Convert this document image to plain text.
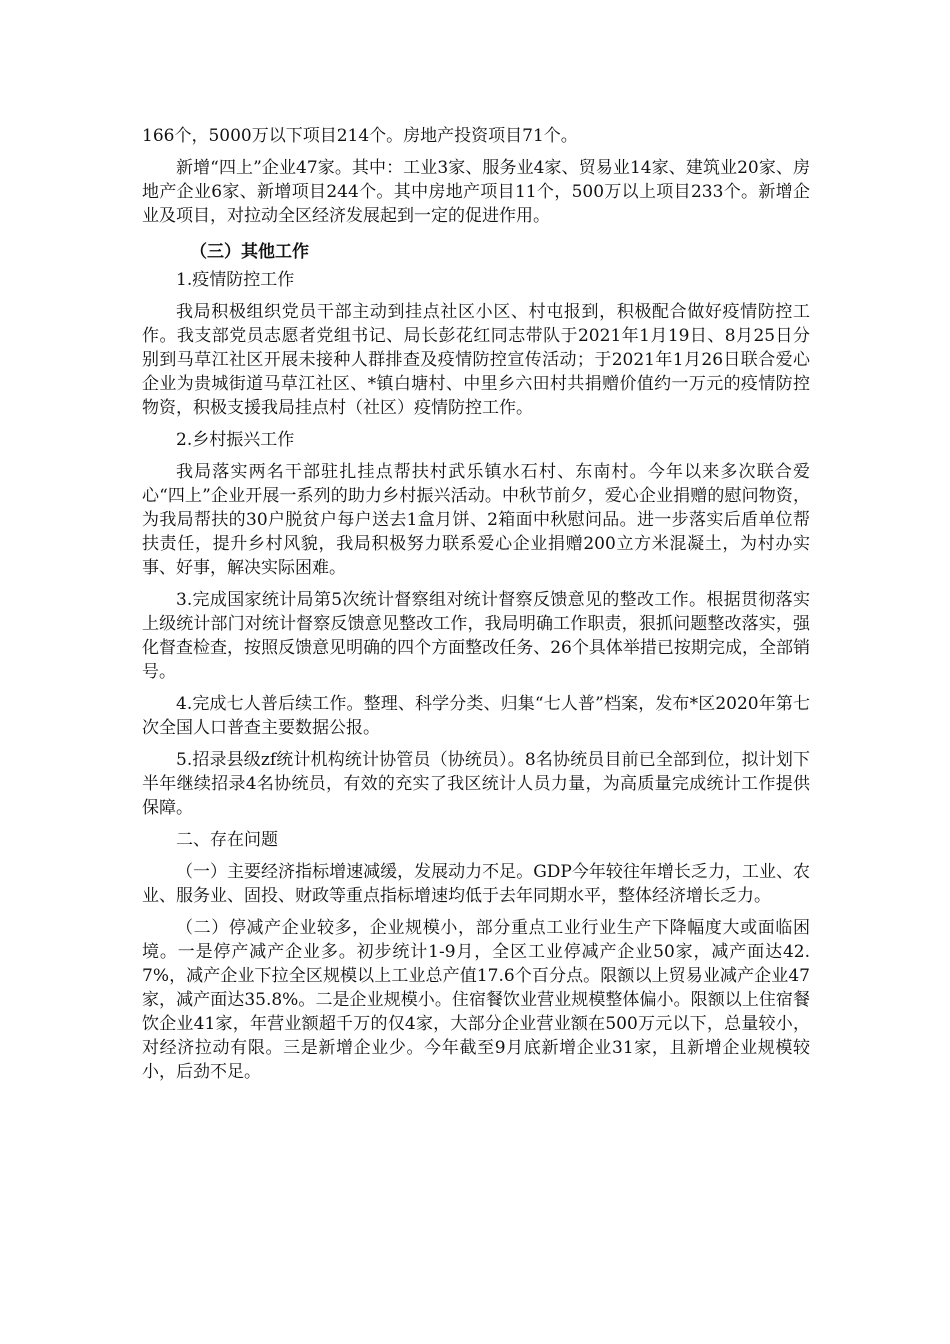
166个，5000万以下项目214个。房地产投资项目71个。

新增“四上”企业47家。其中：工业3家、服务业4家、贸易业14家、建筑业20家、房地产企业6家、新增项目244个。其中房地产项目11个，500万以上项目233个。新增企业及项目，对拉动全区经济发展起到一定的促进作用。

（三）其他工作

1.疫情防控工作

我局积极组织党员干部主动到挂点社区小区、村屯报到，积极配合做好疫情防控工作。我支部党员志愿者党组书记、局长彭花红同志带队于2021年1月19日、8月25日分别到马草江社区开展未接种人群排查及疫情防控宣传活动；于2021年1月26日联合爱心企业为贵城街道马草江社区、*镇白塘村、中里乡六田村共捐赠价值约一万元的疫情防控物资，积极支援我局挂点村（社区）疫情防控工作。

2.乡村振兴工作

我局落实两名干部驻扎挂点帮扶村武乐镇水石村、东南村。今年以来多次联合爱心“四上”企业开展一系列的助力乡村振兴活动。中秋节前夕，爱心企业捐赠的慰问物资，为我局帮扶的30户脱贫户每户送去1盒月饼、2箱面中秋慰问品。进一步落实后盾单位帮扶责任，提升乡村风貌，我局积极努力联系爱心企业捐赠200立方米混凝土，为村办实事、好事，解决实际困难。

3.完成国家统计局第5次统计督察组对统计督察反馈意见的整改工作。根据贯彻落实上级统计部门对统计督察反馈意见整改工作，我局明确工作职责，狠抓问题整改落实，强化督查检查，按照反馈意见明确的四个方面整改任务、26个具体举措已按期完成，全部销号。

4.完成七人普后续工作。整理、科学分类、归集“七人普”档案，发布*区2020年第七次全国人口普查主要数据公报。

5.招录县级zf统计机构统计协管员（协统员）。8名协统员目前已全部到位，拟计划下半年继续招录4名协统员，有效的充实了我区统计人员力量，为高质量完成统计工作提供保障。

二、存在问题

（一）主要经济指标增速减缓，发展动力不足。GDP今年较往年增长乏力，工业、农业、服务业、固投、财政等重点指标增速均低于去年同期水平，整体经济增长乏力。

（二）停减产企业较多，企业规模小，部分重点工业行业生产下降幅度大或面临困境。一是停产减产企业多。初步统计1-9月，全区工业停减产企业50家，减产面达42.7%，减产企业下拉全区规模以上工业总产值17.6个百分点。限额以上贸易业减产企业47家，减产面达35.8%。二是企业规模小。住宿餐饮业营业规模整体偏小。限额以上住宿餐饮企业41家，年营业额超千万的仅4家，大部分企业营业额在500万元以下，总量较小，对经济拉动有限。三是新增企业少。今年截至9月底新增企业31家，且新增企业规模较小，后劲不足。
